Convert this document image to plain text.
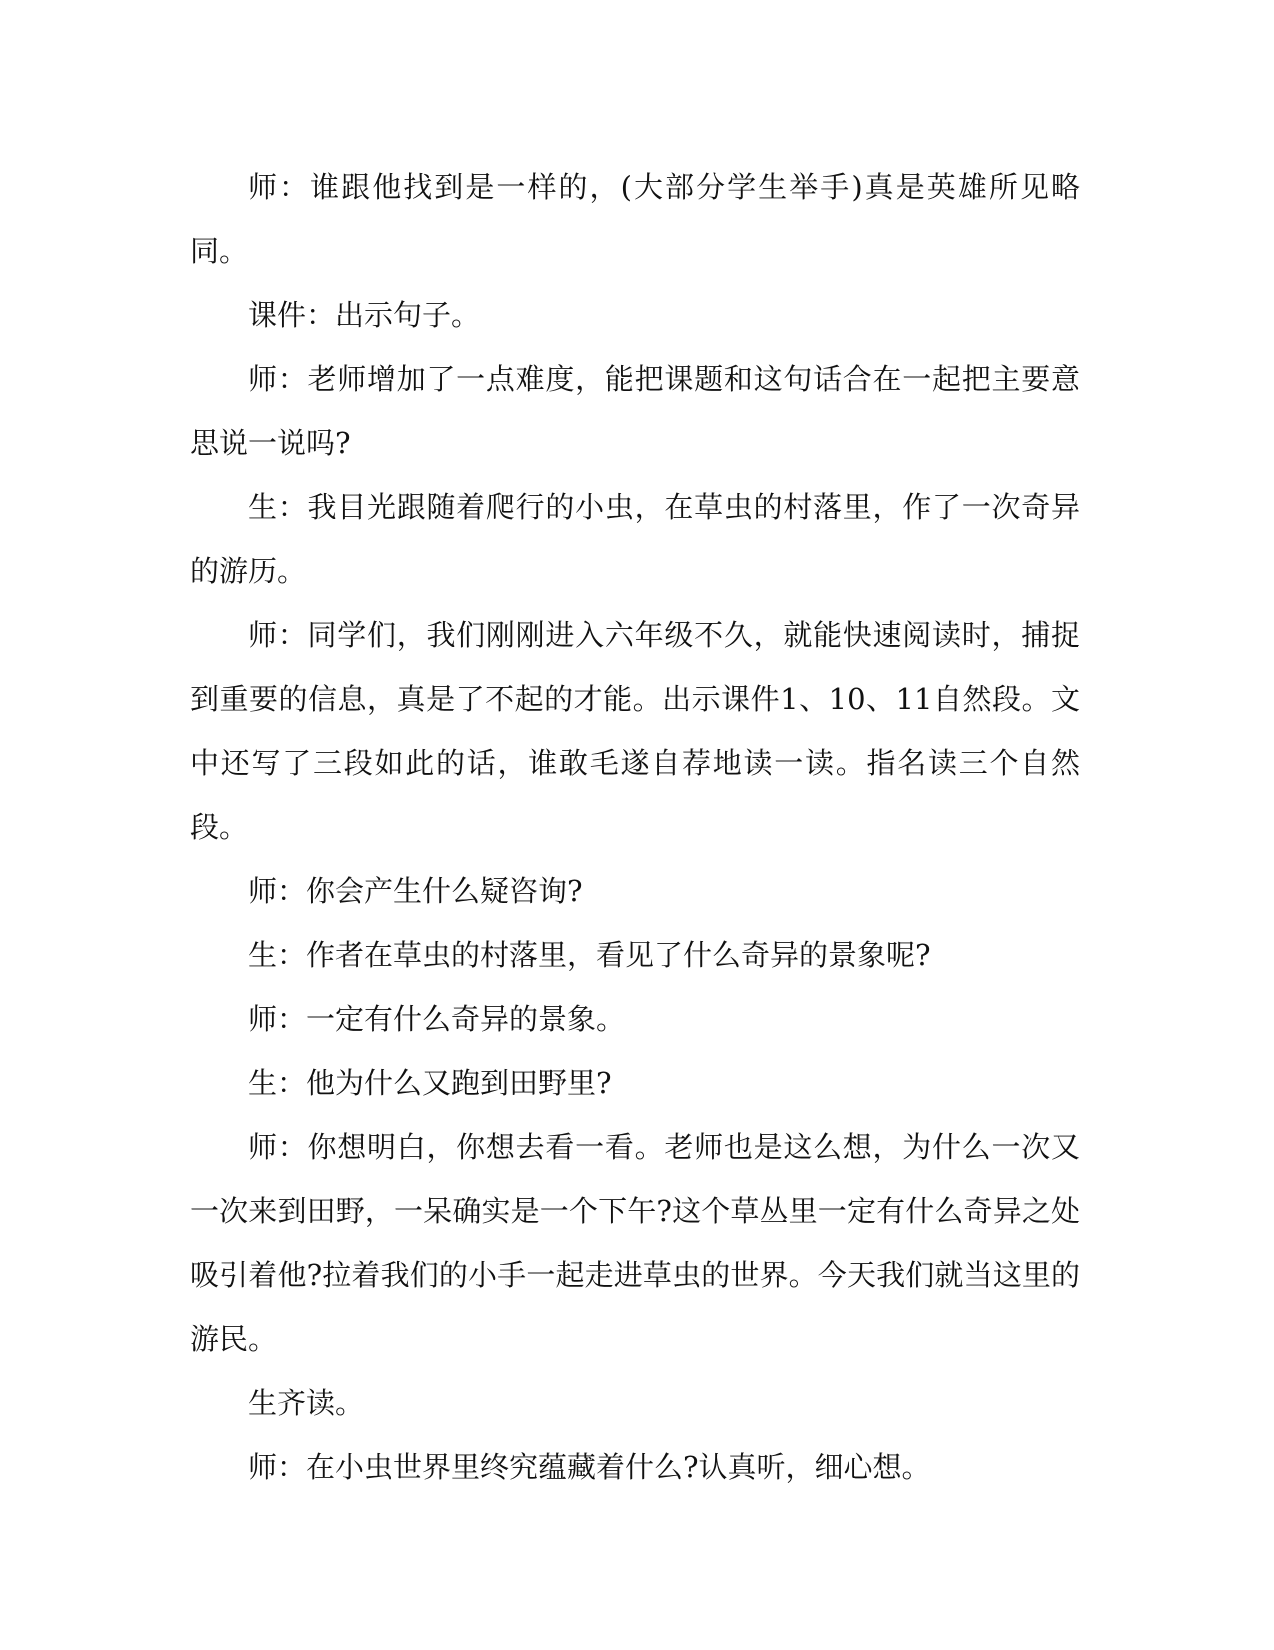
师：谁跟他找到是一样的，(大部分学生举手)真是英雄所见略同。

课件：出示句子。

师：老师增加了一点难度，能把课题和这句话合在一起把主要意思说一说吗?

生：我目光跟随着爬行的小虫，在草虫的村落里，作了一次奇异的游历。

师：同学们，我们刚刚进入六年级不久，就能快速阅读时，捕捉到重要的信息，真是了不起的才能。出示课件1、10、11自然段。文中还写了三段如此的话，谁敢毛遂自荐地读一读。指名读三个自然段。

师：你会产生什么疑咨询?

生：作者在草虫的村落里，看见了什么奇异的景象呢?

师：一定有什么奇异的景象。

生：他为什么又跑到田野里?

师：你想明白，你想去看一看。老师也是这么想，为什么一次又一次来到田野，一呆确实是一个下午?这个草丛里一定有什么奇异之处吸引着他?拉着我们的小手一起走进草虫的世界。今天我们就当这里的游民。

生齐读。

师：在小虫世界里终究蕴藏着什么?认真听，细心想。
